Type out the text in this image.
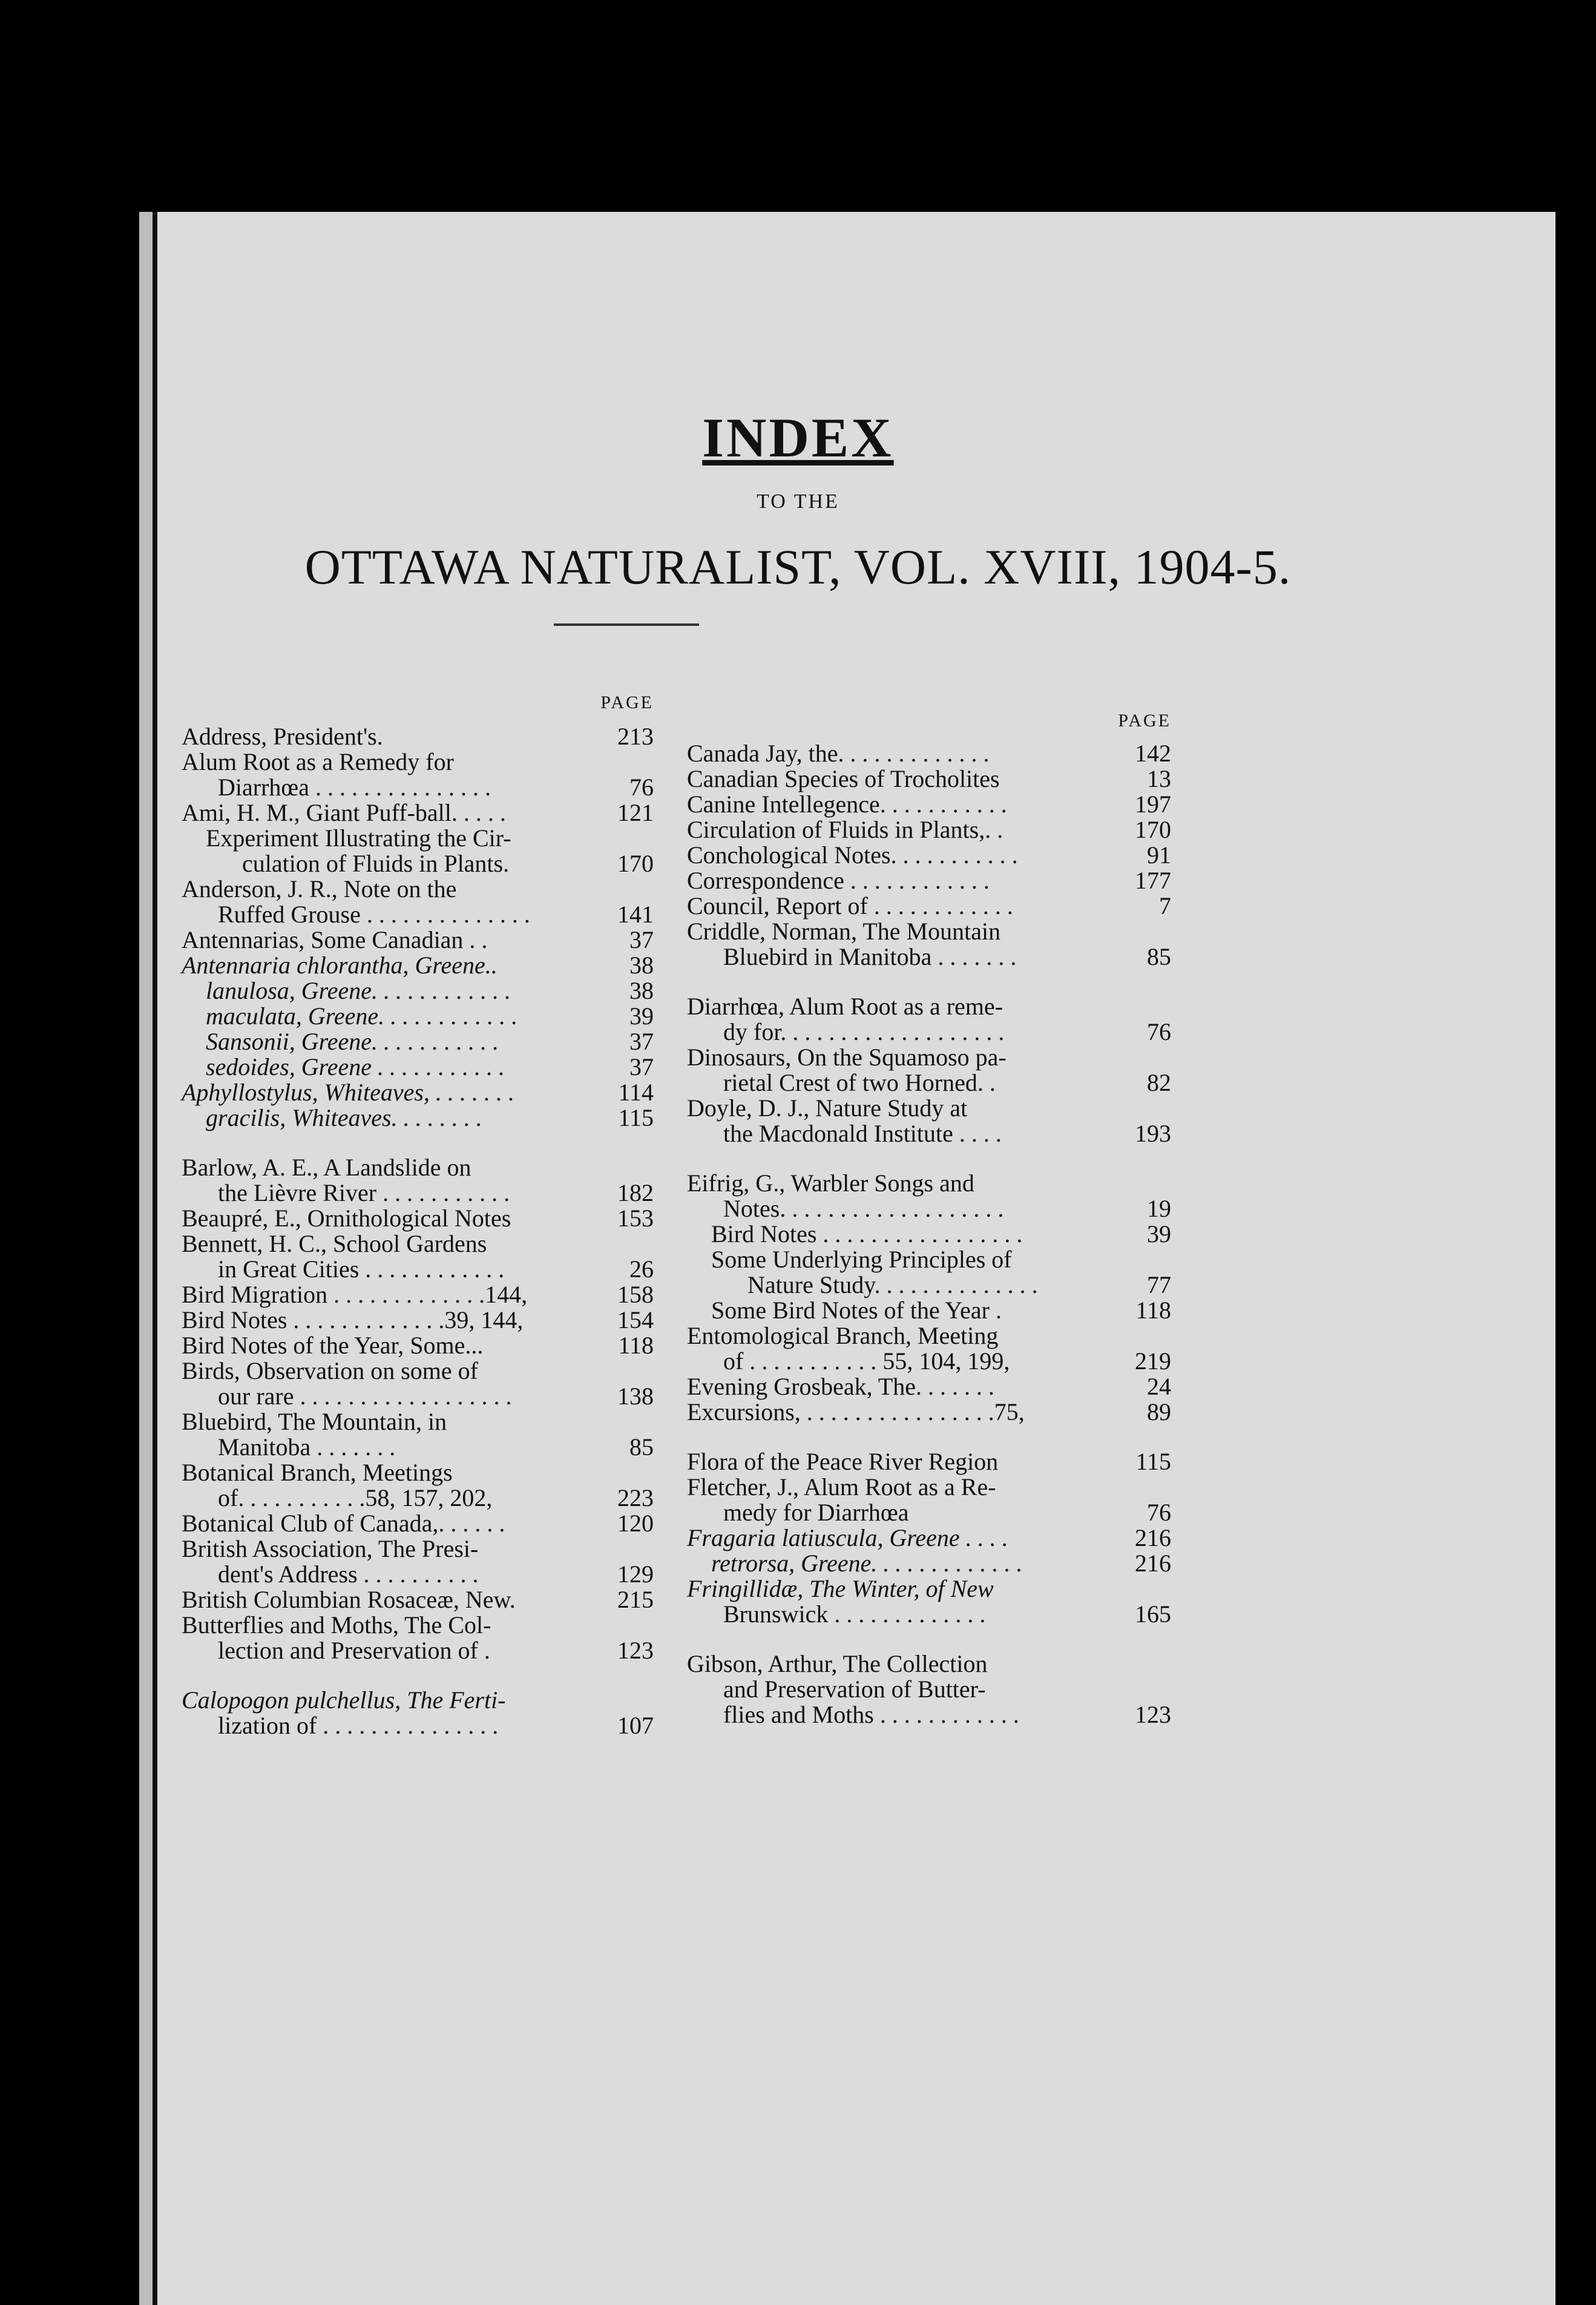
INDEX
TO THE
OTTAWA NATURALIST, VOL. XVIII, 1904-5.
PAGE
Address, President's.	213
Alum Root as a Remedy for
Diarrhœa . . . . . . . . . . . . . . .	76
Ami, H. M., Giant Puff-ball. . . . .	121
Experiment Illustrating the Cir-
culation of Fluids in Plants.	170
Anderson, J. R., Note on the
Ruffed Grouse . . . . . . . . . . . . . .	141
Antennarias, Some Canadian . .	37
Antennaria chlorantha, Greene..	38
lanulosa, Greene. . . . . . . . . . . .	38
maculata, Greene. . . . . . . . . . . .	39
Sansonii, Greene. . . . . . . . . . .	37
sedoides, Greene . . . . . . . . . . .	37
Aphyllostylus, Whiteaves, . . . . . . .	114
gracilis, Whiteaves. . . . . . . .	115
Barlow, A. E., A Landslide on
the Lièvre River . . . . . . . . . . .	182
Beaupré, E., Ornithological Notes	153
Bennett, H. C., School Gardens
in Great Cities . . . . . . . . . . . .	26
Bird Migration . . . . . . . . . . . . .144,	158
Bird Notes . . . . . . . . . . . . .39, 144,	154
Bird Notes of the Year, Some...	118
Birds, Observation on some of
our rare . . . . . . . . . . . . . . . . . .	138
Bluebird, The Mountain, in
Manitoba . . . . . . .	85
Botanical Branch, Meetings
of. . . . . . . . . . .58, 157, 202,	223
Botanical Club of Canada,. . . . . .	120
British Association, The Presi-
dent's Address . . . . . . . . . .	129
British Columbian Rosaceæ, New.	215
Butterflies and Moths, The Col-
lection and Preservation of .	123
Calopogon pulchellus, The Ferti-
lization of . . . . . . . . . . . . . . .	107
PAGE
Canada Jay, the. . . . . . . . . . . . .	142
Canadian Species of Trocholites	13
Canine Intellegence. . . . . . . . . . .	197
Circulation of Fluids in Plants,. .	170
Conchological Notes. . . . . . . . . . .	91
Correspondence . . . . . . . . . . . .	177
Council, Report of . . . . . . . . . . . .	7
Criddle, Norman, The Mountain
Bluebird in Manitoba . . . . . . .	85
Diarrhœa, Alum Root as a reme-
dy for. . . . . . . . . . . . . . . . . . .	76
Dinosaurs, On the Squamoso pa-
rietal Crest of two Horned. .	82
Doyle, D. J., Nature Study at
the Macdonald Institute . . . .	193
Eifrig, G., Warbler Songs and
Notes. . . . . . . . . . . . . . . . . . .	19
Bird Notes . . . . . . . . . . . . . . . . .	39
Some Underlying Principles of
Nature Study. . . . . . . . . . . . . .	77
Some Bird Notes of the Year .	118
Entomological Branch, Meeting
of . . . . . . . . . . . 55, 104, 199,	219
Evening Grosbeak, The. . . . . . .	24
Excursions, . . . . . . . . . . . . . . . .75,	89
Flora of the Peace River Region	115
Fletcher, J., Alum Root as a Re-
medy for Diarrhœa	76
Fragaria latiuscula, Greene . . . .	216
retrorsa, Greene. . . . . . . . . . . . .	216
Fringillidæ, The Winter, of New
Brunswick . . . . . . . . . . . . .	165
Gibson, Arthur, The Collection
and Preservation of Butter-
flies and Moths . . . . . . . . . . . .	123
